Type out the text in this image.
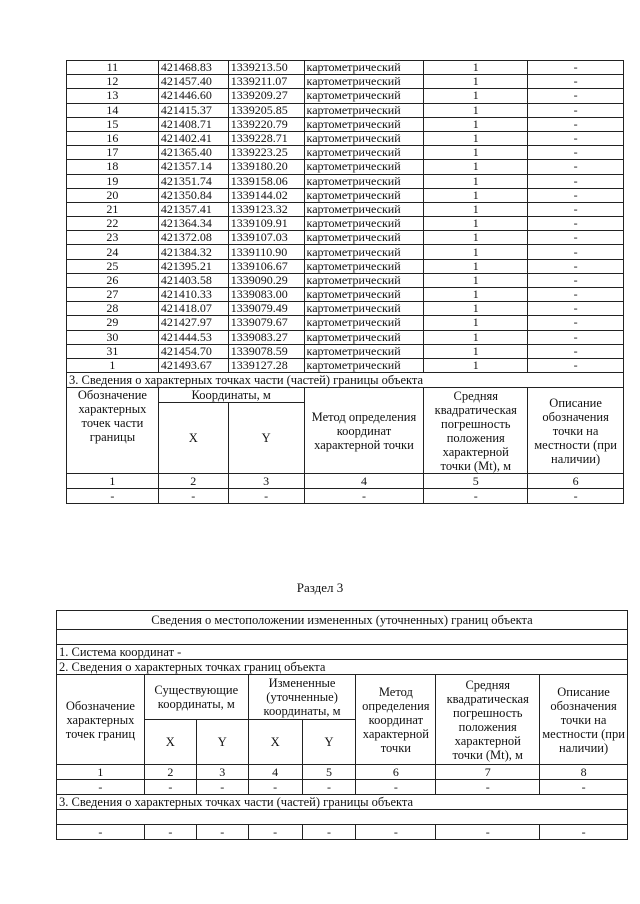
11	421468.83	1339213.50	картометрический	1	-
12	421457.40	1339211.07	картометрический	1	-
13	421446.60	1339209.27	картометрический	1	-
14	421415.37	1339205.85	картометрический	1	-
15	421408.71	1339220.79	картометрический	1	-
16	421402.41	1339228.71	картометрический	1	-
17	421365.40	1339223.25	картометрический	1	-
18	421357.14	1339180.20	картометрический	1	-
19	421351.74	1339158.06	картометрический	1	-
20	421350.84	1339144.02	картометрический	1	-
21	421357.41	1339123.32	картометрический	1	-
22	421364.34	1339109.91	картометрический	1	-
23	421372.08	1339107.03	картометрический	1	-
24	421384.32	1339110.90	картометрический	1	-
25	421395.21	1339106.67	картометрический	1	-
26	421403.58	1339090.29	картометрический	1	-
27	421410.33	1339083.00	картометрический	1	-
28	421418.07	1339079.49	картометрический	1	-
29	421427.97	1339079.67	картометрический	1	-
30	421444.53	1339083.27	картометрический	1	-
31	421454.70	1339078.59	картометрический	1	-
1	421493.67	1339127.28	картометрический	1	-
3. Сведения о характерных точках части (частей) границы объекта					
Обозначение характерных точек части границы	Координаты, м		Метод определения координат характерной точки	Средняя квадратическая погрешность положения характерной точки (Mt), м	Описание обозначения точки на местности (при наличии)
	X	Y			
1	2	3	4	5	6
-	-	-	-	-	-
Раздел 3
Сведения о местоположении измененных (уточненных) границ объекта							

1. Система координат -							
2. Сведения о характерных точках границ объекта							
Обозначение характерных точек границ	Существующие координаты, м		Измененные (уточненные) координаты, м		Метод определения координат характерной точки	Средняя квадратическая погрешность положения характерной точки (Mt), м	Описание обозначения точки на местности (при наличии)
	X	Y	X	Y			
1	2	3	4	5	6	7	8
-	-	-	-	-	-	-	-
3. Сведения о характерных точках части (частей) границы объекта							

-	-	-	-	-	-	-	-
